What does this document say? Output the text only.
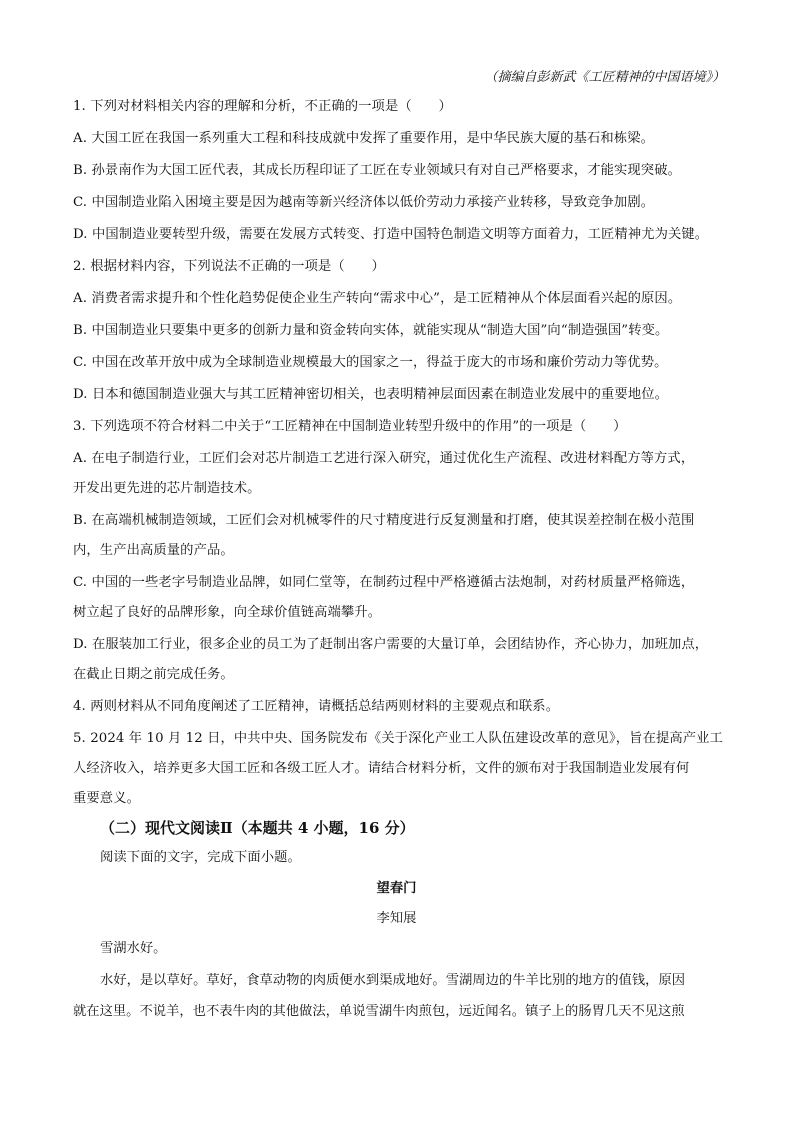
（摘编自彭新武《工匠精神的中国语境》）
1. 下列对材料相关内容的理解和分析，不正确的一项是（　　）
A. 大国工匠在我国一系列重大工程和科技成就中发挥了重要作用，是中华民族大厦的基石和栋梁。
B. 孙景南作为大国工匠代表，其成长历程印证了工匠在专业领域只有对自己严格要求，才能实现突破。
C. 中国制造业陷入困境主要是因为越南等新兴经济体以低价劳动力承接产业转移，导致竞争加剧。
D. 中国制造业要转型升级，需要在发展方式转变、打造中国特色制造文明等方面着力，工匠精神尤为关键。
2. 根据材料内容，下列说法不正确的一项是（　　）
A. 消费者需求提升和个性化趋势促使企业生产转向“需求中心”，是工匠精神从个体层面看兴起的原因。
B. 中国制造业只要集中更多的创新力量和资金转向实体，就能实现从“制造大国”向“制造强国”转变。
C. 中国在改革开放中成为全球制造业规模最大的国家之一，得益于庞大的市场和廉价劳动力等优势。
D. 日本和德国制造业强大与其工匠精神密切相关，也表明精神层面因素在制造业发展中的重要地位。
3. 下列选项不符合材料二中关于“工匠精神在中国制造业转型升级中的作用”的一项是（　　）
A. 在电子制造行业，工匠们会对芯片制造工艺进行深入研究，通过优化生产流程、改进材料配方等方式，
开发出更先进的芯片制造技术。
B. 在高端机械制造领域，工匠们会对机械零件的尺寸精度进行反复测量和打磨，使其误差控制在极小范围
内，生产出高质量的产品。
C. 中国的一些老字号制造业品牌，如同仁堂等，在制药过程中严格遵循古法炮制，对药材质量严格筛选，
树立起了良好的品牌形象，向全球价值链高端攀升。
D. 在服装加工行业，很多企业的员工为了赶制出客户需要的大量订单，会团结协作，齐心协力，加班加点，
在截止日期之前完成任务。
4. 两则材料从不同角度阐述了工匠精神，请概括总结两则材料的主要观点和联系。
5. 2024 年 10 月 12 日，中共中央、国务院发布《关于深化产业工人队伍建设改革的意见》，旨在提高产业工
人经济收入，培养更多大国工匠和各级工匠人才。请结合材料分析，文件的颁布对于我国制造业发展有何
重要意义。
（二）现代文阅读Ⅱ（本题共 4 小题，16 分）
阅读下面的文字，完成下面小题。
望春门
李知展
雪湖水好。
水好，是以草好。草好，食草动物的肉质便水到渠成地好。雪湖周边的牛羊比别的地方的值钱，原因
就在这里。不说羊，也不表牛肉的其他做法，单说雪湖牛肉煎包，远近闻名。镇子上的肠胃几天不见这煎
